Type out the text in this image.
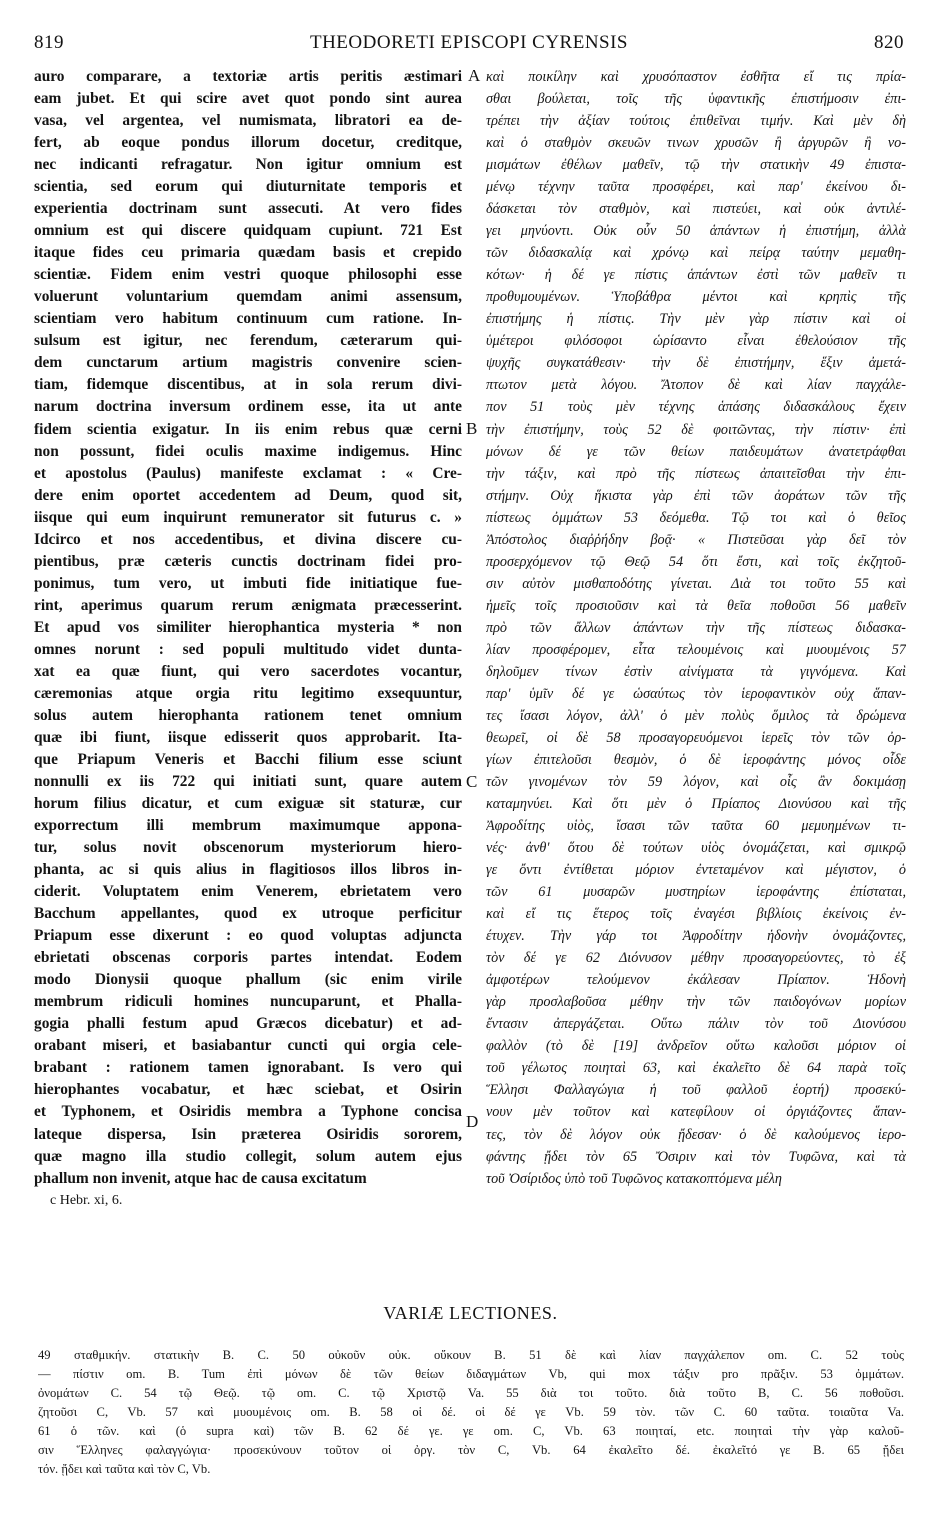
819	THEODORETI EPISCOPI CYRENSIS	820
auro comparare, a textoriæ artis peritis æstimari
eam jubet. Et qui scire avet quot pondo sint aurea
vasa, vel argentea, vel numismata, libratori ea de-
fert, ab eoque pondus illorum docetur, creditque,
nec indicanti refragatur. Non igitur omnium est
scientia, sed eorum qui diuturnitate temporis et
experientia doctrinam sunt assecuti. At vero fides
omnium est qui discere quidquam cupiunt. 721 Est
itaque fides ceu primaria quædam basis et crepido
scientiæ. Fidem enim vestri quoque philosophi esse
voluerunt voluntarium quemdam animi assensum,
scientiam vero habitum continuum cum ratione. In-
sulsum est igitur, nec ferendum, cæterarum qui-
dem cunctarum artium magistris convenire scien-
tiam, fidemque discentibus, at in sola rerum divi-
narum doctrina inversum ordinem esse, ita ut ante
fidem scientia exigatur. In iis enim rebus quæ cerni
non possunt, fidei oculis maxime indigemus. Hinc
et apostolus (Paulus) manifeste exclamat : « Cre-
dere enim oportet accedentem ad Deum, quod sit,
iisque qui eum inquirunt remunerator sit futurus c. »
Idcirco et nos accedentibus, et divina discere cu-
pientibus, præ cæteris cunctis doctrinam fidei pro-
ponimus, tum vero, ut imbuti fide initiatique fue-
rint, aperimus quarum rerum ænigmata præcesserint.
Et apud vos similiter hierophantica mysteria * non
omnes norunt : sed populi multitudo videt dunta-
xat ea quæ fiunt, qui vero sacerdotes vocantur,
cæremonias atque orgia ritu legitimo exsequuntur,
solus autem hierophanta rationem tenet omnium
quæ ibi fiunt, iisque edisserit quos approbarit. Ita-
que Priapum Veneris et Bacchi filium esse sciunt
nonnulli ex iis 722 qui initiati sunt, quare autem
horum filius dicatur, et cum exiguæ sit staturæ, cur
exporrectum illi membrum maximumque appona-
tur, solus novit obscenorum mysteriorum hiero-
phanta, ac si quis alius in flagitiosos illos libros in-
ciderit. Voluptatem enim Venerem, ebrietatem vero
Bacchum appellantes, quod ex utroque perficitur
Priapum esse dixerunt : eo quod voluptas adjuncta
ebrietati obscenas corporis partes intendat. Eodem
modo Dionysii quoque phallum (sic enim virile
membrum ridiculi homines nuncuparunt, et Phalla-
gogia phalli festum apud Græcos dicebatur) et ad-
orabant miseri, et basiabantur cuncti qui orgia cele-
brabant : rationem tamen ignorabant. Is vero qui
hierophantes vocabatur, et hæc sciebat, et Osirin
et Typhonem, et Osiridis membra a Typhone concisa
lateque dispersa, Isin præterea Osiridis sororem,
quæ magno illa studio collegit, solum autem ejus
phallum non invenit, atque hac de causa excitatum
c Hebr. xi, 6.
A
B
C
D
καὶ ποικίλην καὶ χρυσόπαστον ἐσθῆτα εἴ τις πρία-
σθαι βούλεται, τοῖς τῆς ὑφαντικῆς ἐπιστήμοσιν ἐπι-
τρέπει τὴν ἀξίαν τούτοις ἐπιθεῖναι τιμήν. Καὶ μὲν δὴ
καὶ ὁ σταθμὸν σκευῶν τινων χρυσῶν ἢ ἀργυρῶν ἢ νο-
μισμάτων ἐθέλων μαθεῖν, τῷ τὴν στατικὴν 49 ἐπιστα-
μένῳ τέχνην ταῦτα προσφέρει, καὶ παρ' ἐκείνου δι-
δάσκεται τὸν σταθμὸν, καὶ πιστεύει, καὶ οὐκ ἀντιλέ-
γει μηνύοντι. Οὐκ οὖν 50 ἁπάντων ἡ ἐπιστήμη, ἀλλὰ
τῶν διδασκαλίᾳ καὶ χρόνῳ καὶ πείρᾳ ταύτην μεμαθη-
κότων· ἡ δέ γε πίστις ἁπάντων ἐστὶ τῶν μαθεῖν τι
προθυμουμένων. Ὑποβάθρα μέντοι καὶ κρηπὶς τῆς
ἐπιστήμης ἡ πίστις. Τὴν μὲν γὰρ πίστιν καὶ οἱ
ὑμέτεροι φιλόσοφοι ὡρίσαντο εἶναι ἐθελούσιον τῆς
ψυχῆς συγκατάθεσιν· τὴν δὲ ἐπιστήμην, ἕξιν ἀμετά-
πτωτον μετὰ λόγου. Ἄτοπον δὲ καὶ λίαν παγχάλε-
πον 51 τοὺς μὲν τέχνης ἁπάσης διδασκάλους ἔχειν
τὴν ἐπιστήμην, τοὺς 52 δὲ φοιτῶντας, τὴν πίστιν· ἐπὶ
μόνων δέ γε τῶν θείων παιδευμάτων ἀνατετράφθαι
τὴν τάξιν, καὶ πρὸ τῆς πίστεως ἀπαιτεῖσθαι τὴν ἐπι-
στήμην. Οὐχ ἥκιστα γὰρ ἐπὶ τῶν ἀοράτων τῶν τῆς
πίστεως ὀμμάτων 53 δεόμεθα. Τῷ τοι καὶ ὁ θεῖος
Ἀπόστολος διαῤῥήδην βοᾷ· « Πιστεῦσαι γὰρ δεῖ τὸν
προσερχόμενον τῷ Θεῷ 54 ὅτι ἔστι, καὶ τοῖς ἐκζητοῦ-
σιν αὐτὸν μισθαποδότης γίνεται. Διὰ τοι τοῦτο 55 καὶ
ἡμεῖς τοῖς προσιοῦσιν καὶ τὰ θεῖα ποθοῦσι 56 μαθεῖν
πρὸ τῶν ἄλλων ἁπάντων τὴν τῆς πίστεως διδασκα-
λίαν προσφέρομεν, εἶτα τελουμένοις καὶ μυουμένοις 57
δηλοῦμεν τίνων ἐστὶν αἰνίγματα τὰ γιγνόμενα. Καὶ
παρ' ὑμῖν δέ γε ὡσαύτως τὸν ἱεροφαντικὸν οὐχ ἅπαν-
τες ἴσασι λόγον, ἀλλ' ὁ μὲν πολὺς ὅμιλος τὰ δρώμενα
θεωρεῖ, οἱ δὲ 58 προσαγορευόμενοι ἱερεῖς τὸν τῶν ὀρ-
γίων ἐπιτελοῦσι θεσμὸν, ὁ δὲ ἱεροφάντης μόνος οἶδε
τῶν γινομένων τὸν 59 λόγον, καὶ οἷς ἂν δοκιμάσῃ
καταμηνύει. Καὶ ὅτι μὲν ὁ Πρίαπος Διονύσου καὶ τῆς
Ἀφροδίτης υἱὸς, ἴσασι τῶν ταῦτα 60 μεμυημένων τι-
νές· ἀνθ' ὅτου δὲ τούτων υἱὸς ὀνομάζεται, καὶ σμικρῷ
γε ὄντι ἐντίθεται μόριον ἐντεταμένον καὶ μέγιστον, ὁ
τῶν 61 μυσαρῶν μυστηρίων ἱεροφάντης ἐπίσταται,
καὶ εἴ τις ἕτερος τοῖς ἐναγέσι βιβλίοις ἐκείνοις ἐν-
έτυχεν. Τὴν γάρ τοι Ἀφροδίτην ἡδονὴν ὀνομάζοντες,
τὸν δέ γε 62 Διόνυσον μέθην προσαγορεύοντες, τὸ ἐξ
ἀμφοτέρων τελούμενον ἐκάλεσαν Πρίαπον. Ἡδονὴ
γὰρ προσλαβοῦσα μέθην τὴν τῶν παιδογόνων μορίων
ἔντασιν ἀπεργάζεται. Οὕτω πάλιν τὸν τοῦ Διονύσου
φαλλὸν (τὸ δὲ [19] ἀνδρεῖον οὕτω καλοῦσι μόριον οἱ
τοῦ γέλωτος ποιηταὶ 63, καὶ ἐκαλεῖτο δὲ 64 παρὰ τοῖς
Ἕλλησι Φαλλαγώγια ἡ τοῦ φαλλοῦ ἑορτή) προσεκύ-
νουν μὲν τοῦτον καὶ κατεφίλουν οἱ ὀργιάζοντες ἅπαν-
τες, τὸν δὲ λόγον οὐκ ᾔδεσαν· ὁ δὲ καλούμενος ἱερο-
φάντης ᾔδει τὸν 65 Ὄσιριν καὶ τὸν Τυφῶνα, καὶ τὰ
τοῦ Ὀσίριδος ὑπὸ τοῦ Τυφῶνος κατακοπτόμενα μέλη
VARIÆ LECTIONES.
49 σταθμικήν. στατικὴν B. C. 50 οὐκοῦν οὐκ. οὔκουν B. 51 δὲ καὶ λίαν παγχάλεπον om. C. 52 τοὺς
— πίστιν om. B. Tum ἐπὶ μόνων δὲ τῶν θείων διδαγμάτων Vb, qui mox τάξιν pro πρᾶξιν. 53 ὀμμάτων.
ὀνομάτων C. 54 τῷ Θεῷ. τῷ om. C. τῷ Χριστῷ Va. 55 διὰ τοι τοῦτο. διὰ τοῦτο B, C. 56 ποθοῦσι.
ζητοῦσι C, Vb. 57 καὶ μυουμένοις om. B. 58 οἱ δέ. οἱ δέ γε Vb. 59 τὸν. τῶν C. 60 ταῦτα. τοιαῦτα Va.
61 ὁ τῶν. καὶ (ὁ supra καὶ) τῶν B. 62 δέ γε. γε om. C, Vb. 63 ποιηταί, etc. ποιηταὶ τὴν γὰρ καλοῦ-
σιν Ἕλληνες φαλαγγώγια· προσεκύνουν τοῦτον οἱ ὀργ. τὸν C, Vb. 64 ἐκαλεῖτο δέ. ἐκαλεῖτό γε B. 65 ᾔδει
τόν. ᾔδει καὶ ταῦτα καὶ τὸν C, Vb.
